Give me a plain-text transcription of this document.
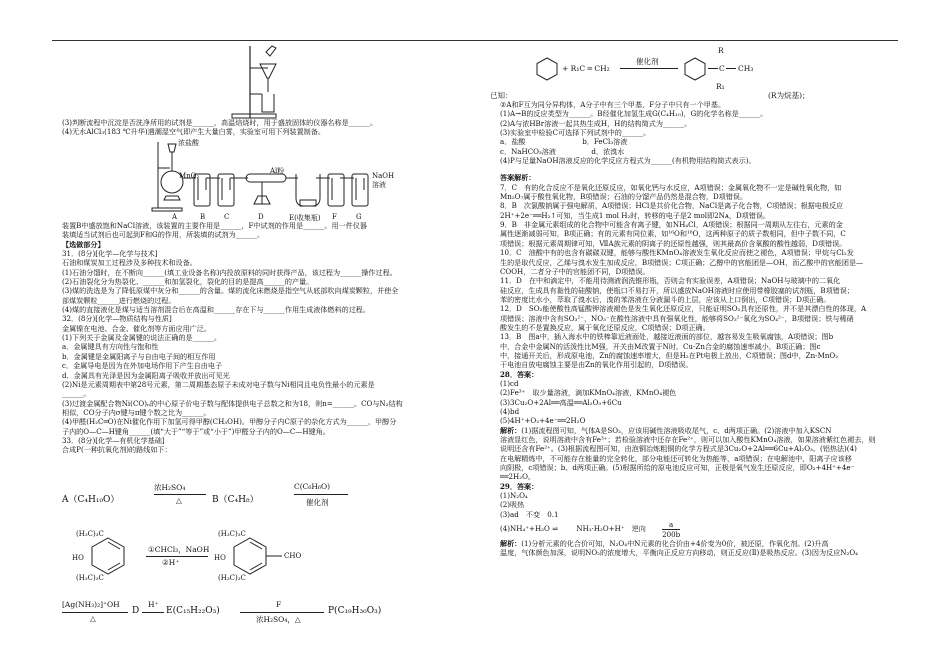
(3)判断流程中沉淀是否洗净所用的试剂是______，高温焙烧时，用于盛放固体的仪器名称是______。
(4)无水AlCl₃(183 ℃升华)遇潮湿空气即产生大量白雾，实验室可用下列装置制备。
浓盐酸
MnO₂
Al粉
NaOH
溶液
A	B	C	D	E(收集瓶) F	G
装置B中盛放饱和NaCl溶液，该装置的主要作用是______，F中试剂的作用是______。用一件仪器
装填适当试剂后也可起到F和G的作用，所装填的试剂为______。
【选做部分】
31．(8分)[化学—化学与技术]
石油和煤炭加工过程涉及多种技术和设备。
(1)石油分馏时，在不断向______(填工业设备名称)内投放原料的同时获得产品，该过程为______操作过程。
(2)石油裂化分为热裂化、______和加氢裂化，裂化的目的是提高______的产量。
(3)煤的洗选是为了降低原煤中灰分和______的含量。煤的流化床燃烧是指空气从底部吹向煤炭颗粒，并使全
部煤炭颗粒______进行燃烧的过程。
(4)煤的直接液化是煤与适当溶剂混合后在高温和______存在下与______作用生成液体燃料的过程。
32．(8分)[化学—物质结构与性质]
金属镍在电池、合金、催化剂等方面应用广泛。
(1)下列关于金属及金属键的说法正确的是______。
a．金属键具有方向性与饱和性
b．金属键是金属阳离子与自由电子间的相互作用
c．金属导电是因为在外加电场作用下产生自由电子
d．金属具有光泽是因为金属阳离子吸收并放出可见光
(2)Ni是元素周期表中第28号元素，第二周期基态原子未成对电子数与Ni相同且电负性最小的元素是
______。
(3)过渡金属配合物Ni(CO)ₙ的中心原子价电子数与配体提供电子总数之和为18，则n=______。CO与N₂结构
相似，CO分子内σ键与π键个数之比为______。
(4)甲醛(H₂C═O)在Ni催化作用下加氢可得甲醇(CH₃OH)。甲醇分子内C原子的杂化方式为______，甲醇分
子内的O—C—H键角______(填“大于”“等于”或“小于”)甲醛分子内的O—C—H键角。
33．(8分)[化学—有机化学基础]
合成P(一种抗氧化剂)的路线如下：
A（C₄H₁₀O）
浓H₂SO₄
△	B（C₄H₈）
C(C₆H₆O)
催化剂
(H₃C)₃C
HO
(H₃C)₃C
①CHCl₃，NaOH
②H⁺
(H₃C)₃C
HO
(H₃C)₃C
CHO
[Ag(NH₃)₂]⁺OH
△
D
H⁺
E(C₁₅H₂₂O₃)
F
浓H₂SO₄，△
P(C₁₉H₃₀O₃)
+ R₁C ═ CH₂
催化剂
R
C CH₃
R₁
已知：	(R为烷基)；
②A和F互为同分异构体，A分子中有三个甲基，F分子中只有一个甲基。
(1)A→B的反应类型为______。B经催化加氢生成G(C₄H₁₀)，G的化学名称是______。
(2)A与浓HBr溶液一起共热生成H，H的结构简式为______。
(3)实验室中检验C可选择下列试剂中的______。
a．盐酸　　　　　　　　b．FeCl₃溶液
c．NaHCO₃溶液　　　　　d．浓溴水
(4)P与足量NaOH溶液反应的化学反应方程式为______(有机物用结构简式表示)。
答案解析：
7．C　有的化合反应不是氧化还原反应，如氧化钙与水反应，A项错误；金属氧化物不一定是碱性氧化物，如
Mn₂O₇属于酸性氧化物，B项错误；石油的分馏产品仍然是混合物，D项错误。
8．B　次氯酸钠属于强电解质，A项错误；HCl是共价化合物，NaCl是离子化合物，C项错误；根据电极反应
2H⁺+2e⁻══H₂↑可知，当生成1 mol H₂时，转移的电子是2 mol即2Nᴀ，D项错误。
9．B　非金属元素组成的化合物中可能含有离子键，如NH₄Cl，A项错误；根据同一周期从左往右，元素的金
属性逐渐减弱可知，B项正确；有的元素有同位素，如¹⁶O和¹⁸O，这两种原子的质子数相同，但中子数不同，C
项错误；根据元素周期律可知，ⅦA族元素的阴离子的还原性越强，则其最高价含氧酸的酸性越弱，D项错误。
10．C　油酸中有的也含有碳碳双键，能够与酸性KMnO₄溶液发生氧化反应而使之褪色，A项错误；甲烷与Cl₂发
生的是取代反应，乙烯与溴水发生加成反应，B项错误；C项正确；乙醇中的官能团是—OH，而乙酸中的官能团是—
COOH，二者分子中的官能团不同，D项错误。
11．D　在中和滴定中，不能用待测液润洗锥形瓶，否则会有实验误差，A项错误；NaOH与玻璃中的二氧化
硅反应，生成具有黏性的硅酸钠，使瓶口不易打开，所以盛放NaOH溶液时应使用带橡胶塞的试剂瓶，B项错误；
苯的密度比水小，萃取了溴水后，溴的苯溶液在分液漏斗的上层，应该从上口倒出，C项错误；D项正确。
12．D　SO₂能使酸性高锰酸钾溶液褪色是发生氧化还原反应，只能证明SO₂具有还原性，并不是其漂白性的体现，A
项错误；溶液中含有SO₃²⁻，NO₃⁻在酸性溶液中具有强氧化性，能够将SO₃²⁻氧化为SO₄²⁻，B项错误；铁与稀硝
酸发生的不是置换反应，属于氧化还原反应，C项错误；D项正确。
13．B　图a中，插入海水中的铁棒靠近液面处，越接近液面的部位，越容易发生吸氧腐蚀，A项错误；图b
中，合金中金属N的活泼性比M强，开关由M改置于N时，Cu-Zn合金的腐蚀速率减小，B项正确；图c
中，接通开关后，形成原电池，Zn的腐蚀速率增大，但是H₂在Pt电极上放出，C项错误；图d中，Zn-MnO₂
干电池自放电腐蚀主要是由Zn的氧化作用引起的，D项错误。
28．答案：
(1)cd
(2)Fe³⁺　取少量溶液，滴加KMnO₄溶液，KMnO₄褪色
(3)3Cu₂O+2Al══高温══Al₂O₃+6Cu
(4)bd
(5)4H⁺+O₂+4e⁻══2H₂O
解析：(1)据流程图可知，气体A是SO₂，应该用碱性溶液吸收尾气，c、d两项正确。(2)溶液中加入KSCN
溶液显红色，说明溶液中含有Fe³⁺；若检验溶液中还存在Fe²⁺，则可以加入酸性KMnO₄溶液，如果溶液紫红色褪去，则
说明还含有Fe²⁺。(3)根据流程图可知，由泡铜冶炼粗铜的化学方程式是3Cu₂O+2Al══6Cu+Al₂O₃。(铝热法)(4)
在电解精炼中，不可能存在能量的完全转化，部分电能还可转化为热能等，a项错误；在电解池中，阳离子应该移
向阴极，c项错误；b、d两项正确。(5)根据所给的原电池反应可知，正极是氧气发生还原反应，即O₂+4H⁺+4e⁻
══2H₂O。
29．答案：
(1)N₂O₄
(2)吸热
(3)ad　不变　0.1
(4)NH₄⁺+H₂O ⇌	NH₃·H₂O+H⁺　逆向 $\frac{a}{200b}$
解析：(1)分析元素的化合价可知，N₂O₄中N元素的化合价由+4价变为0价，被还原，作氧化剂。(2)升高
温度，气体颜色加深，说明NO₂的浓度增大，平衡向正反应方向移动，则正反应(Ⅱ)是吸热反应。(3)因为反应N₂O₄
